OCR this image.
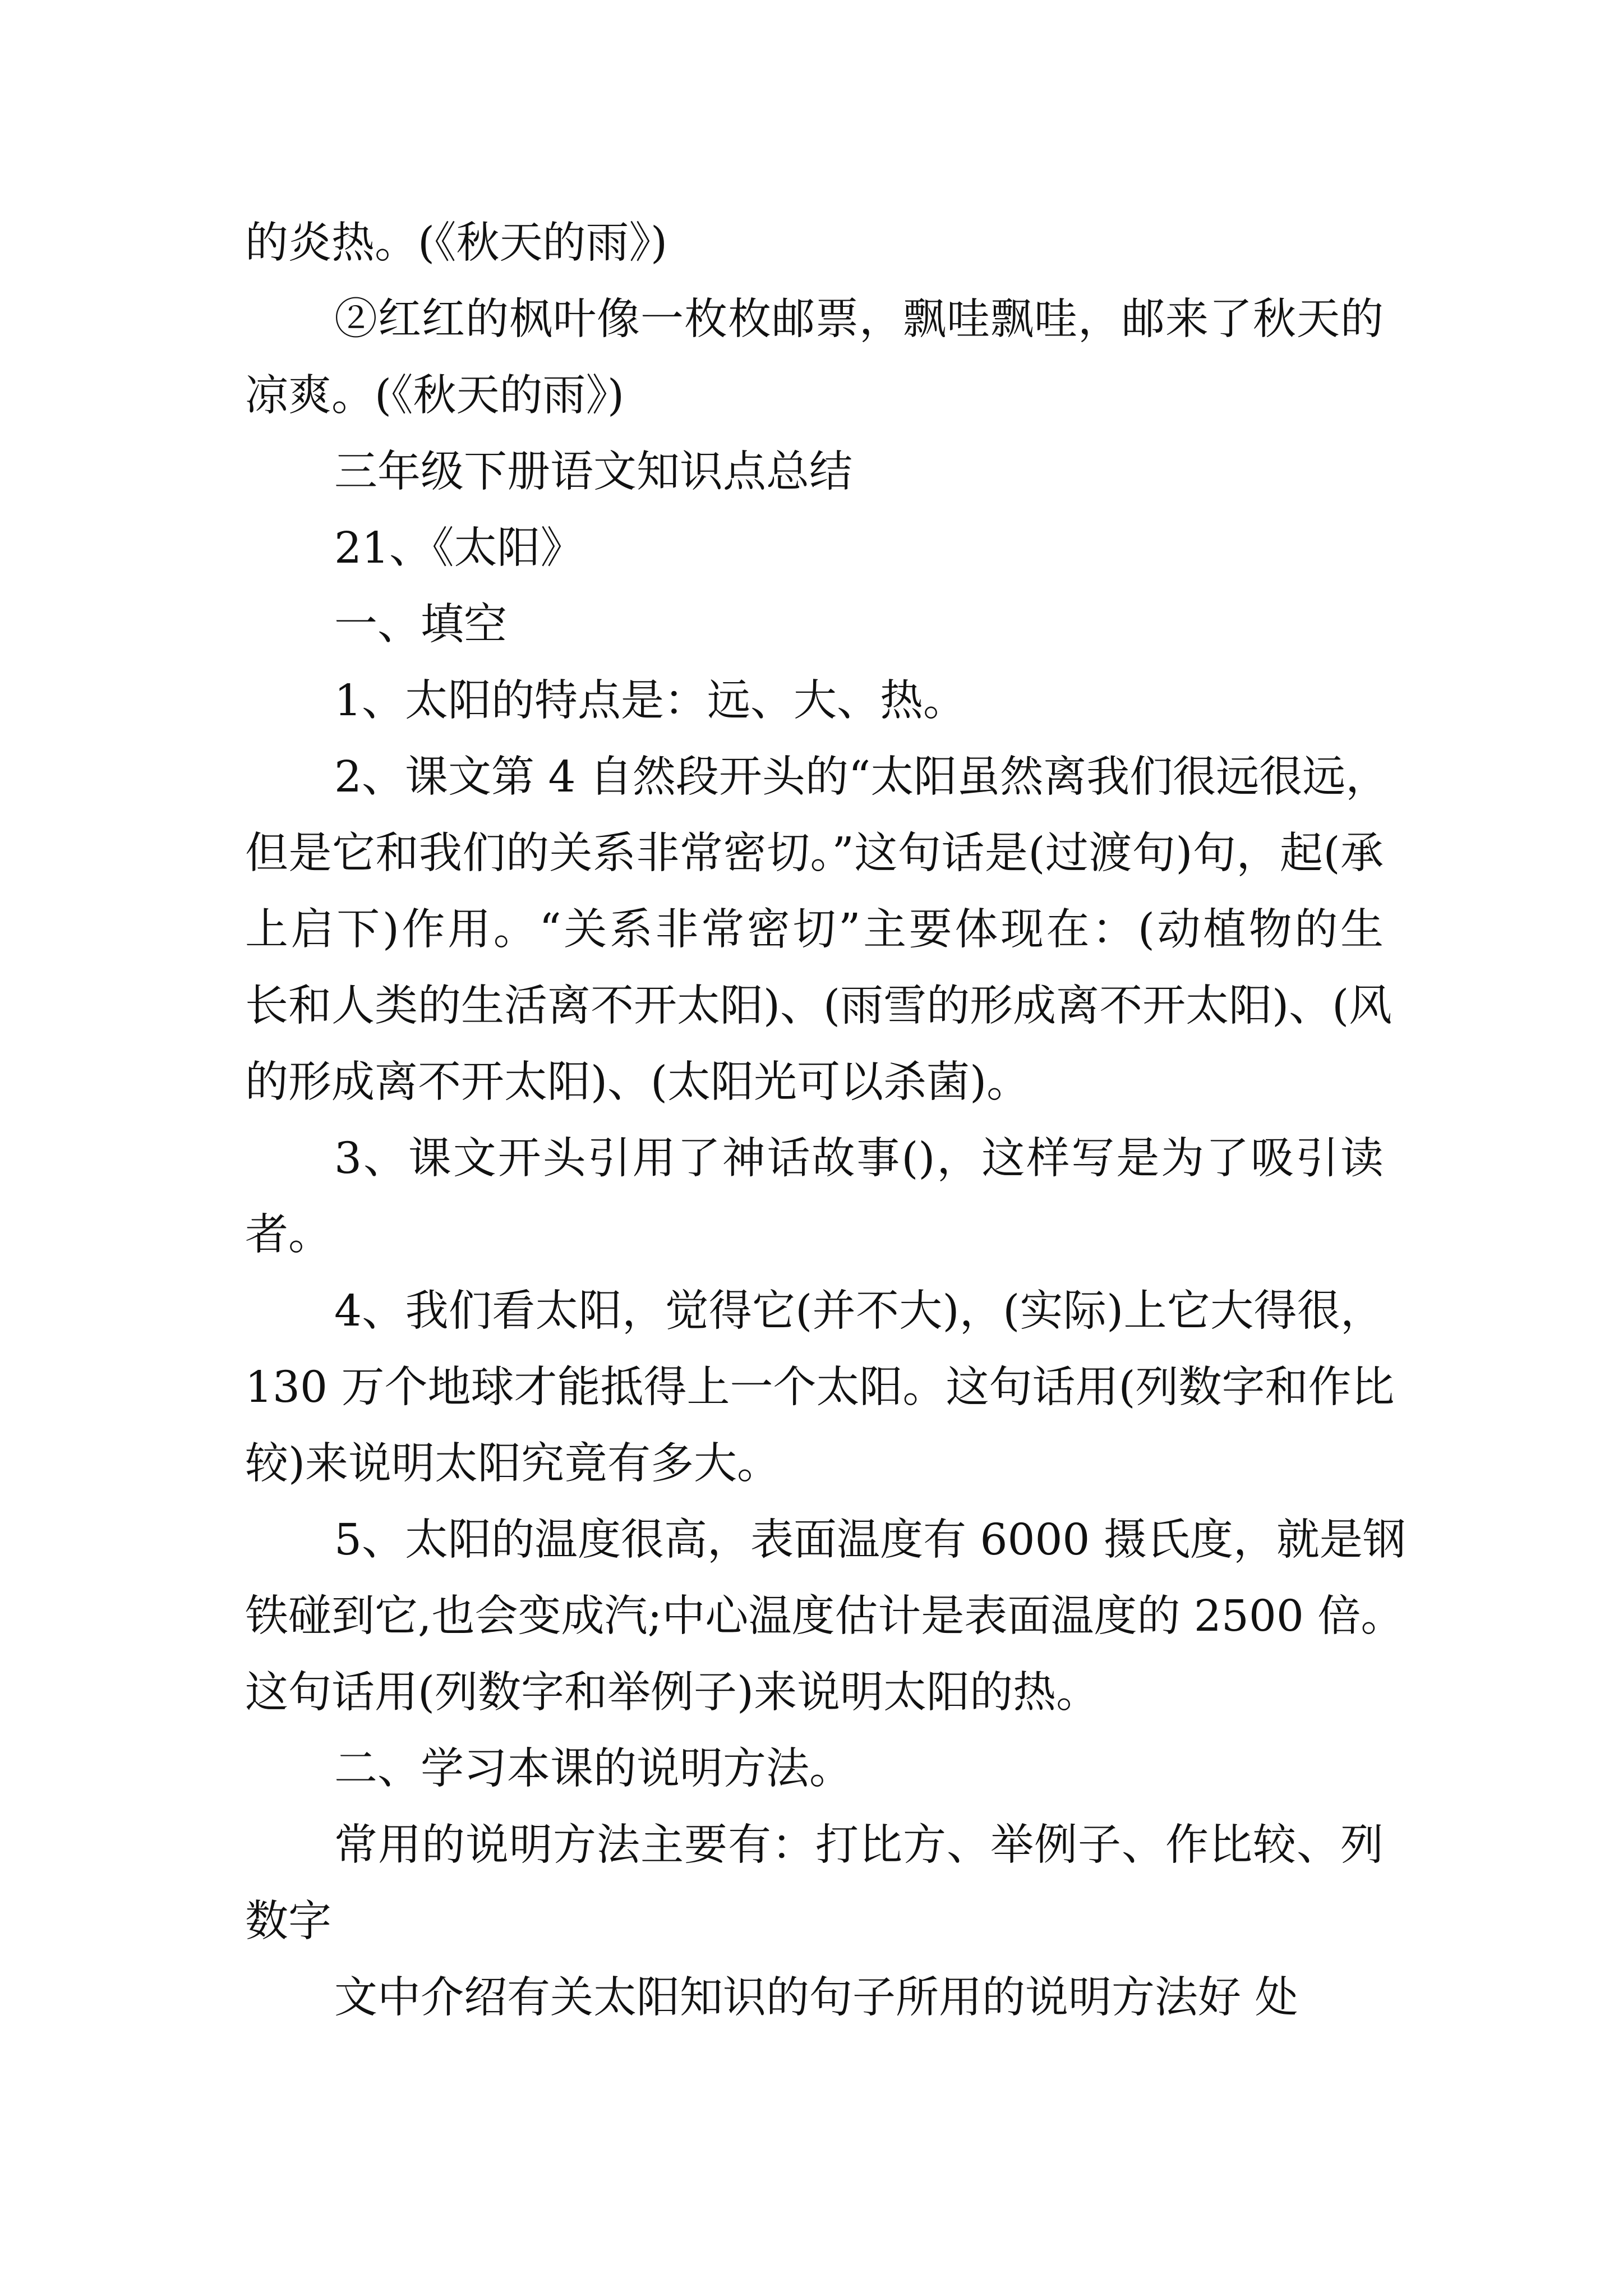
的炎热。(《秋天的雨》)
②红红的枫叶像一枚枚邮票，飘哇飘哇，邮来了秋天的
凉爽。(《秋天的雨》)
三年级下册语文知识点总结
21、《太阳》
一、填空
1、太阳的特点是：远、大、热。
2、课文第 4 自然段开头的“太阳虽然离我们很远很远，
但是它和我们的关系非常密切。”这句话是(过渡句)句，起(承
上启下)作用。“关系非常密切”主要体现在：(动植物的生
长和人类的生活离不开太阳)、(雨雪的形成离不开太阳)、(风
的形成离不开太阳)、(太阳光可以杀菌)。
3、课文开头引用了神话故事()，这样写是为了吸引读
者。
4、我们看太阳，觉得它(并不大)，(实际)上它大得很，
130 万个地球才能抵得上一个太阳。这句话用(列数字和作比
较)来说明太阳究竟有多大。
5、太阳的温度很高，表面温度有 6000 摄氏度，就是钢
铁碰到它,也会变成汽;中心温度估计是表面温度的 2500 倍。
这句话用(列数字和举例子)来说明太阳的热。
二、学习本课的说明方法。
常用的说明方法主要有：打比方、举例子、作比较、列
数字
文中介绍有关太阳知识的句子所用的说明方法好 处
